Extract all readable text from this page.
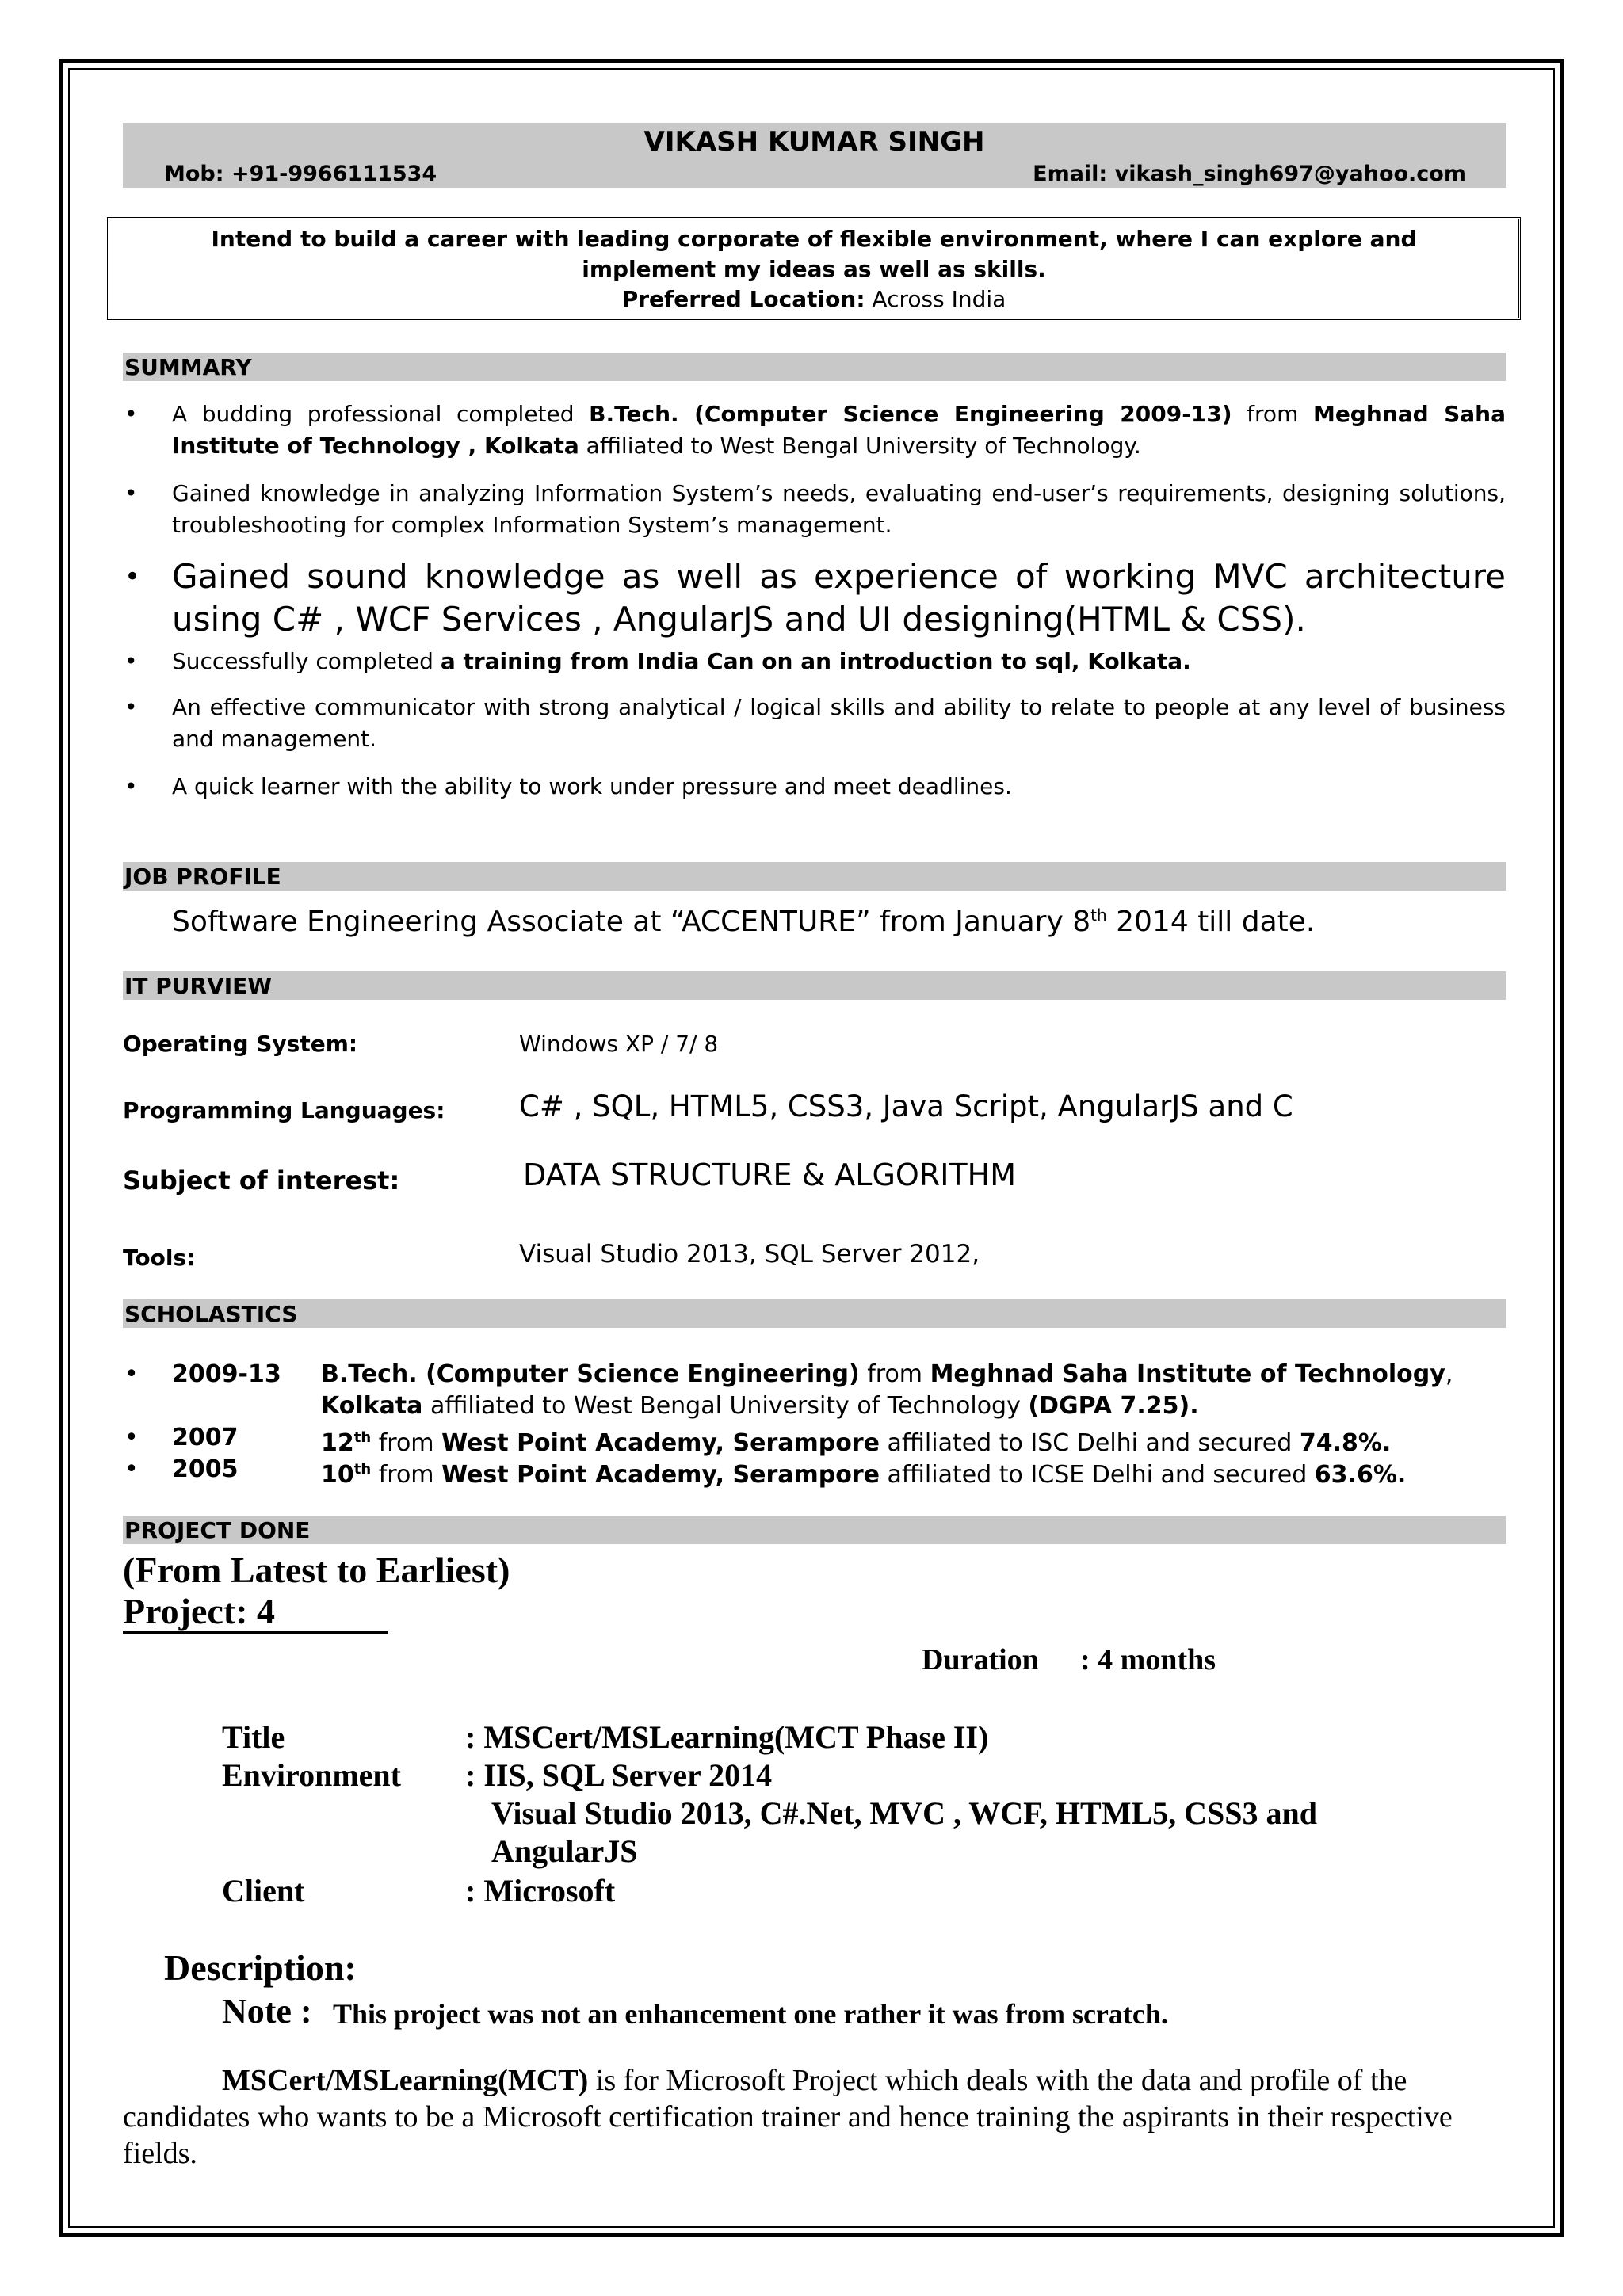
VIKASH KUMAR SINGH
Mob: +91-9966111534	Email: vikash_singh697@yahoo.com
Intend to build a career with leading corporate of flexible environment, where I can explore and
implement my ideas as well as skills.
Preferred Location: Across India
SUMMARY
• A budding professional completed B.Tech. (Computer Science Engineering 2009-13) from Meghnad Saha Institute of Technology , Kolkata affiliated to West Bengal University of Technology.
• Gained knowledge in analyzing Information System’s needs, evaluating end-user’s requirements, designing solutions, troubleshooting for complex Information System’s management.
• Gained sound knowledge as well as experience of working MVC architecture using C# , WCF Services , AngularJS and UI designing(HTML & CSS).
• Successfully completed a training from India Can on an introduction to sql, Kolkata.
• An effective communicator with strong analytical / logical skills and ability to relate to people at any level of business and management.
• A quick learner with the ability to work under pressure and meet deadlines.
JOB PROFILE
Software Engineering Associate at “ACCENTURE” from January 8th 2014 till date.
IT PURVIEW
Operating System:	Windows XP / 7/ 8
Programming Languages:	C# , SQL, HTML5, CSS3, Java Script, AngularJS and C
Subject of interest:	DATA STRUCTURE & ALGORITHM
Tools:	Visual Studio 2013, SQL Server 2012,
SCHOLASTICS
• 2009-13 B.Tech. (Computer Science Engineering) from Meghnad Saha Institute of Technology,
Kolkata affiliated to West Bengal University of Technology (DGPA 7.25).
• 2007	12th from West Point Academy, Serampore affiliated to ISC Delhi and secured 74.8%.
• 2005	10th from West Point Academy, Serampore affiliated to ICSE Delhi and secured 63.6%.
PROJECT DONE
(From Latest to Earliest)
Project: 4
Duration : 4 months
Title	: MSCert/MSLearning(MCT Phase II)
Environment : IIS, SQL Server 2014
Visual Studio 2013, C#.Net, MVC , WCF, HTML5, CSS3 and
AngularJS
Client	: Microsoft
Description:
Note : This project was not an enhancement one rather it was from scratch.
MSCert/MSLearning(MCT) is for Microsoft Project which deals with the data and profile of the candidates who wants to be a Microsoft certification trainer and hence training the aspirants in their respective fields.
